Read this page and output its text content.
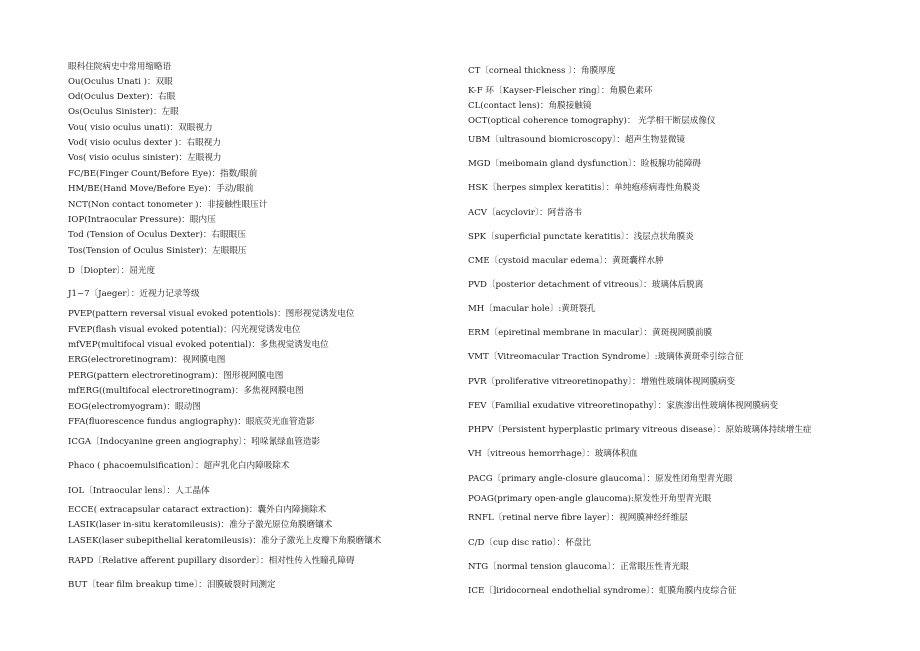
眼科住院病史中常用缩略语
Ou(Oculus Unati )：双眼
Od(Oculus Dexter)：右眼
Os(Oculus Sinister)：左眼
Vou( visio oculus unati)：双眼视力
Vod( visio oculus dexter )：右眼视力
Vos( visio oculus sinister)：左眼视力
FC/BE(Finger Count/Before Eye)：指数/眼前
HM/BE(Hand Move/Before Eye)：手动/眼前
NCT(Non contact tonometer )：非接触性眼压计
IOP(Intraocular Pressure)：眼内压
Tod (Tension of Oculus Dexter)：右眼眼压
Tos(Tension of Oculus Sinister)：左眼眼压
D〔Diopter〕：屈光度
J1~7〔Jaeger〕：近视力记录等级
PVEP(pattern reversal visual evoked potentiols)：图形视觉诱发电位
FVEP(flash visual evoked potential)：闪光视觉诱发电位
mfVEP(multifocal visual evoked potential)：多焦视觉诱发电位
ERG(electroretinogram)：视网膜电图
PERG(pattern electroretinogram)：图形视网膜电图
mfERG((multifocal electroretinogram)：多焦视网膜电图
EOG(electromyogram)：眼动图
FFA(fluorescence fundus angiography)：眼底荧光血管造影
ICGA〔Indocyanine green angiography〕：吲哚氰绿血管造影
Phaco ( phacoemulsification〕：超声乳化白内障吸除术
IOL〔Intraocular lens〕：人工晶体
ECCE( extracapsular cataract extraction)：囊外白内障摘除术
LASIK(laser in-situ keratomileusis)：准分子激光原位角膜磨镶术
LASEK(laser subepithelial keratomileusis)：准分子激光上皮瓣下角膜磨镶术
RAPD〔Relative afferent pupillary disorder〕：相对性传入性瞳孔障碍
BUT〔tear film breakup time〕：泪膜破裂时间测定
CT〔corneal thickness 〕：角膜厚度
K-F 环〔Kayser-Fleischer ring〕：角膜色素环
CL(contact lens)：角膜接触镜
OCT(optical coherence tomography)： 光学相干断层成像仪
UBM〔ultrasound biomicroscopy〕：超声生物显微镜
MGD〔meibomain gland dysfunction〕：睑板腺功能障碍
HSK〔herpes simplex keratitis〕：单纯疱疹病毒性角膜炎
ACV〔acyclovir〕：阿昔洛韦
SPK〔superficial punctate keratitis〕：浅层点状角膜炎
CME〔cystoid macular edema〕：黄斑囊样水肿
PVD〔posterior detachment of vitreous〕：玻璃体后脱离
MH〔macular hole〕:黄斑裂孔
ERM〔epiretinal membrane in macular〕：黄斑视网膜前膜
VMT〔Vitreomacular Traction Syndrome〕:玻璃体黄斑牵引综合征
PVR〔proliferative vitreoretinopathy〕：增殖性玻璃体视网膜病变
FEV〔Familial exudative vitreoretinopathy〕：家族渗出性玻璃体视网膜病变
PHPV〔Persistent hyperplastic primary vitreous disease〕：原始玻璃体持续增生症
VH〔vitreous hemorrhage〕：玻璃体积血
PACG〔primary angle-closure glaucoma〕：原发性闭角型青光眼
POAG(primary open-angle glaucoma):原发性开角型青光眼
RNFL〔retinal nerve fibre layer〕：视网膜神经纤维层
C/D〔cup disc ratio〕：杯盘比
NTG〔normal tension glaucoma〕：正常眼压性青光眼
ICE〔]iridocorneal endothelial syndrome〕：虹膜角膜内皮综合征
